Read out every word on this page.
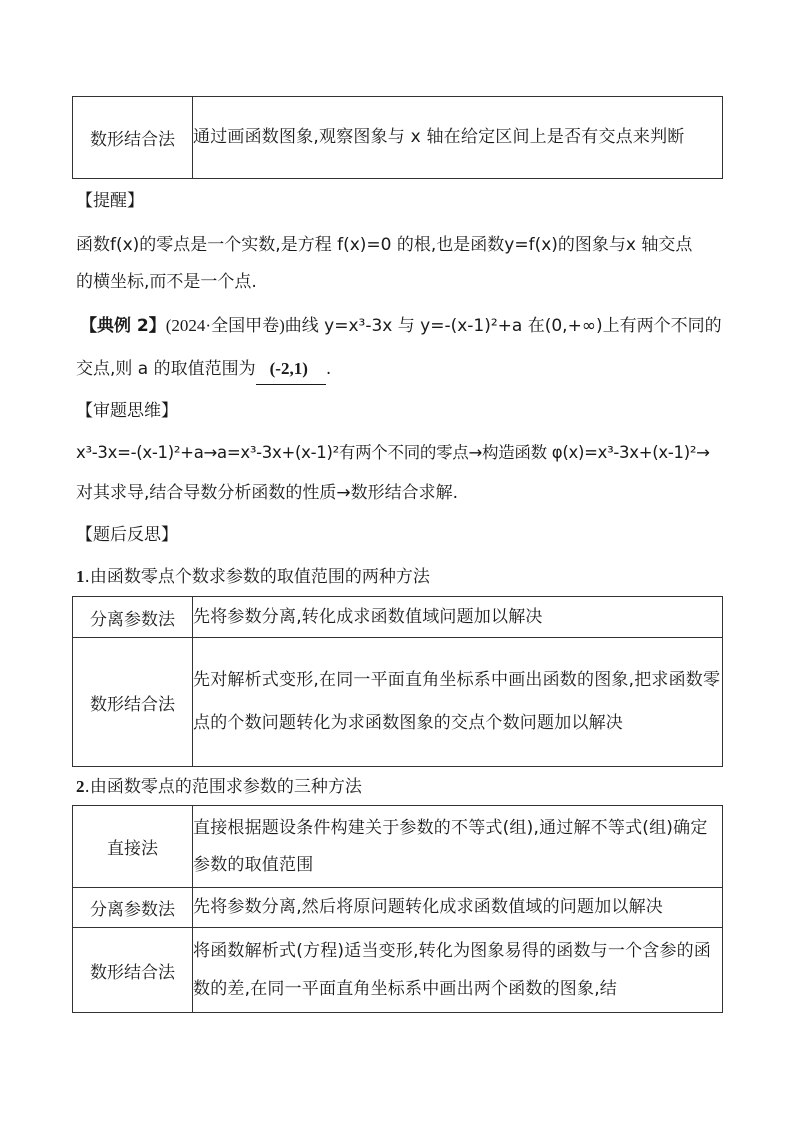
数形结合法	通过画函数图象,观察图象与 x 轴在给定区间上是否有交点来判断
【提醒】
函数f(x)的零点是一个实数,是方程 f(x)=0 的根,也是函数y=f(x)的图象与x 轴交点
的横坐标,而不是一个点.
【典例 2】(2024·全国甲卷)曲线 y=x³-3x 与 y=-(x-1)²+a 在(0,+∞)上有两个不同的
交点,则 a 的取值范围为 (-2,1) .
【审题思维】
x³-3x=-(x-1)²+a→a=x³-3x+(x-1)²有两个不同的零点→构造函数 φ(x)=x³-3x+(x-1)²→
对其求导,结合导数分析函数的性质→数形结合求解.
【题后反思】
1.由函数零点个数求参数的取值范围的两种方法
分离参数法	先将参数分离,转化成求函数值域问题加以解决
数形结合法	先对解析式变形,在同一平面直角坐标系中画出函数的图象,把求函数零点的个数问题转化为求函数图象的交点个数问题加以解决
2.由函数零点的范围求参数的三种方法
直接法	直接根据题设条件构建关于参数的不等式(组),通过解不等式(组)确定参数的取值范围
分离参数法	先将参数分离,然后将原问题转化成求函数值域的问题加以解决
数形结合法	将函数解析式(方程)适当变形,转化为图象易得的函数与一个含参的函数的差,在同一平面直角坐标系中画出两个函数的图象,结
